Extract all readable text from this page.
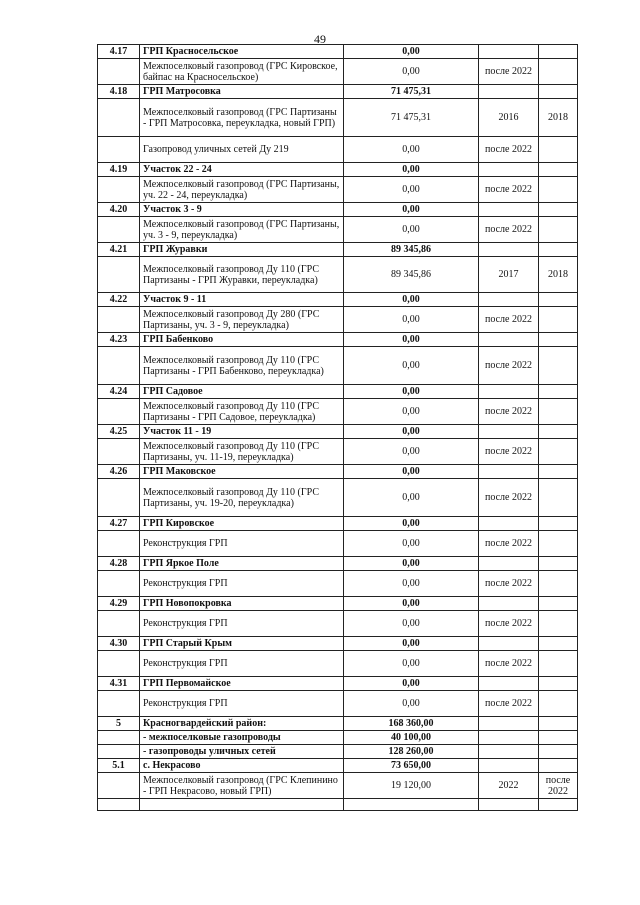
49
4.17	ГРП Красносельское	0,00		
	Межпоселковый газопровод (ГРС Кировское, байпас на Красносельское)	0,00	после 2022	
4.18	ГРП Матросовка	71 475,31		
	Межпоселковый газопровод (ГРС Партизаны - ГРП Матросовка, переукладка, новый ГРП)	71 475,31	2016	2018
	Газопровод уличных сетей Ду 219	0,00	после 2022	
4.19	Участок 22 - 24	0,00		
	Межпоселковый газопровод (ГРС Партизаны, уч. 22 - 24, переукладка)	0,00	после 2022	
4.20	Участок 3 - 9	0,00		
	Межпоселковый газопровод (ГРС Партизаны, уч. 3 - 9, переукладка)	0,00	после 2022	
4.21	ГРП Журавки	89 345,86		
	Межпоселковый газопровод Ду 110 (ГРС Партизаны - ГРП Журавки, переукладка)	89 345,86	2017	2018
4.22	Участок 9 - 11	0,00		
	Межпоселковый газопровод Ду 280 (ГРС Партизаны, уч. 3 - 9, переукладка)	0,00	после 2022	
4.23	ГРП Бабенково	0,00		
	Межпоселковый газопровод Ду 110 (ГРС Партизаны - ГРП Бабенково, переукладка)	0,00	после 2022	
4.24	ГРП Садовое	0,00		
	Межпоселковый газопровод Ду 110 (ГРС Партизаны - ГРП Садовое, переукладка)	0,00	после 2022	
4.25	Участок 11 - 19	0,00		
	Межпоселковый газопровод Ду 110 (ГРС Партизаны, уч. 11-19, переукладка)	0,00	после 2022	
4.26	ГРП Маковское	0,00		
	Межпоселковый газопровод Ду 110 (ГРС Партизаны, уч. 19-20, переукладка)	0,00	после 2022	
4.27	ГРП Кировское	0,00		
	Реконструкция ГРП	0,00	после 2022	
4.28	ГРП Яркое Поле	0,00		
	Реконструкция ГРП	0,00	после 2022	
4.29	ГРП Новопокровка	0,00		
	Реконструкция ГРП	0,00	после 2022	
4.30	ГРП Старый Крым	0,00		
	Реконструкция ГРП	0,00	после 2022	
4.31	ГРП Первомайское	0,00		
	Реконструкция ГРП	0,00	после 2022	
5	Красногвардейский район:	168 360,00		
	- межпоселковые газопроводы	40 100,00		
	- газопроводы уличных сетей	128 260,00		
5.1	с. Некрасово	73 650,00		
	Межпоселковый газопровод (ГРС Клепинино - ГРП Некрасово, новый ГРП)	19 120,00	2022	после 2022
